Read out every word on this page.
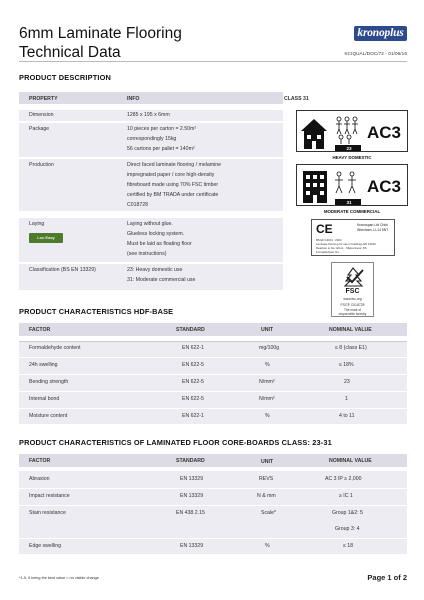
6mm Laminate Flooring
Technical Data
kronoplus
KCIQUAL/DOC/72 - 01/06/16
PRODUCT DESCRIPTION
PROPERTY	INFO	CLASS 31
Dimension	1285 x 195 x 6mm
Package	10 pieces per carton = 2.50m²
correspondingly 15kg
56 cartons per pallet = 140m²
Production	Direct faced laminate flooring / melamine
impregnated paper / core high-density
fibreboard made using 70% FSC timber
certified by BM TRADA under certificate
C018728
Laying	Laying without glue.
Glueless locking system.
Must be laid as floating floor
(see instructions)
Loc Easy
Classification (BS EN 13329)	23: Heavy domestic use
31: Moderate commercial use
23
AC3
HEAVY DOMESTIC
31
AC3
MODERATE COMMERCIAL
CE	Kronospan Ltd Chirk
Wrexham, LL14 5NT
BS EN 14041 : 2004
Laminate Flooring for use in buildings EN 13329
Reaction to fire: Efl-s1 · Slipperiness: DS
Formaldehyde: E1
FSC
www.fsc.org
FSC® C018728
The mark of
responsible forestry
PRODUCT CHARACTERISTICS HDF-BASE
FACTOR	STANDARD	UNIT	NOMINAL VALUE
Formaldehyde content	EN 622-1	mg/100g	≤ 8 (class E1)
24h swelling	EN 622-5	%	≤ 18%
Bending strength	EN 622-5	N/mm²	23
Internal bond	EN 622-5	N/mm²	1
Moisture content	EN 622-1	%	4 to 11
PRODUCT CHARACTERISTICS OF LAMINATED FLOOR CORE-BOARDS CLASS: 23-31
FACTOR	STANDARD	UNIT	NOMINAL VALUE
Abrasion	EN 13329	REVS	AC 3 IP ≥ 2,000
Impact resistance	EN 13329	N & mm	≥ IC 1
Stain resistance	EN 438.2.15	Scale*	Group 1&2: 5
Group 3: 4
Edge swelling	EN 13329	%	≤ 18
*1-5, 5 being the best value = no visible change	Page 1 of 2
